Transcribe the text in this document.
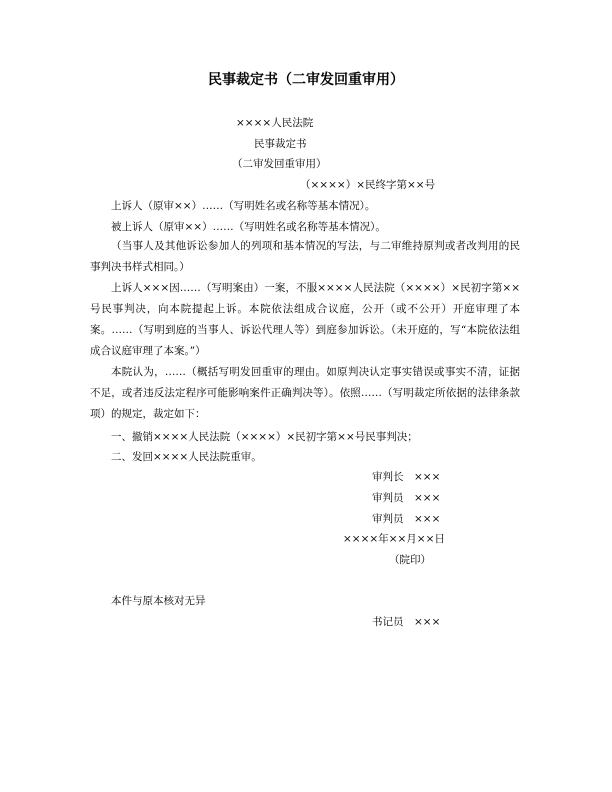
民事裁定书（二审发回重审用）
××××人民法院
民事裁定书
（二审发回重审用）
（××××）×民终字第××号
上诉人（原审××）……（写明姓名或名称等基本情况）。
被上诉人（原审××）……（写明姓名或名称等基本情况）。
（当事人及其他诉讼参加人的列项和基本情况的写法，与二审维持原判或者改判用的民事判决书样式相同。）
上诉人×××因……（写明案由）一案，不服××××人民法院（××××）×民初字第××号民事判决，向本院提起上诉。本院依法组成合议庭，公开（或不公开）开庭审理了本案。……（写明到庭的当事人、诉讼代理人等）到庭参加诉讼。（未开庭的，写“本院依法组成合议庭审理了本案。”）
本院认为，……（概括写明发回重审的理由。如原判决认定事实错误或事实不清，证据不足，或者违反法定程序可能影响案件正确判决等）。依照……（写明裁定所依据的法律条款项）的规定，裁定如下：
一、撤销××××人民法院（××××）×民初字第××号民事判决；
二、发回××××人民法院重审。
审判长　×××
审判员　×××
审判员　×××
××××年××月××日
（院印）
本件与原本核对无异
书记员　×××
